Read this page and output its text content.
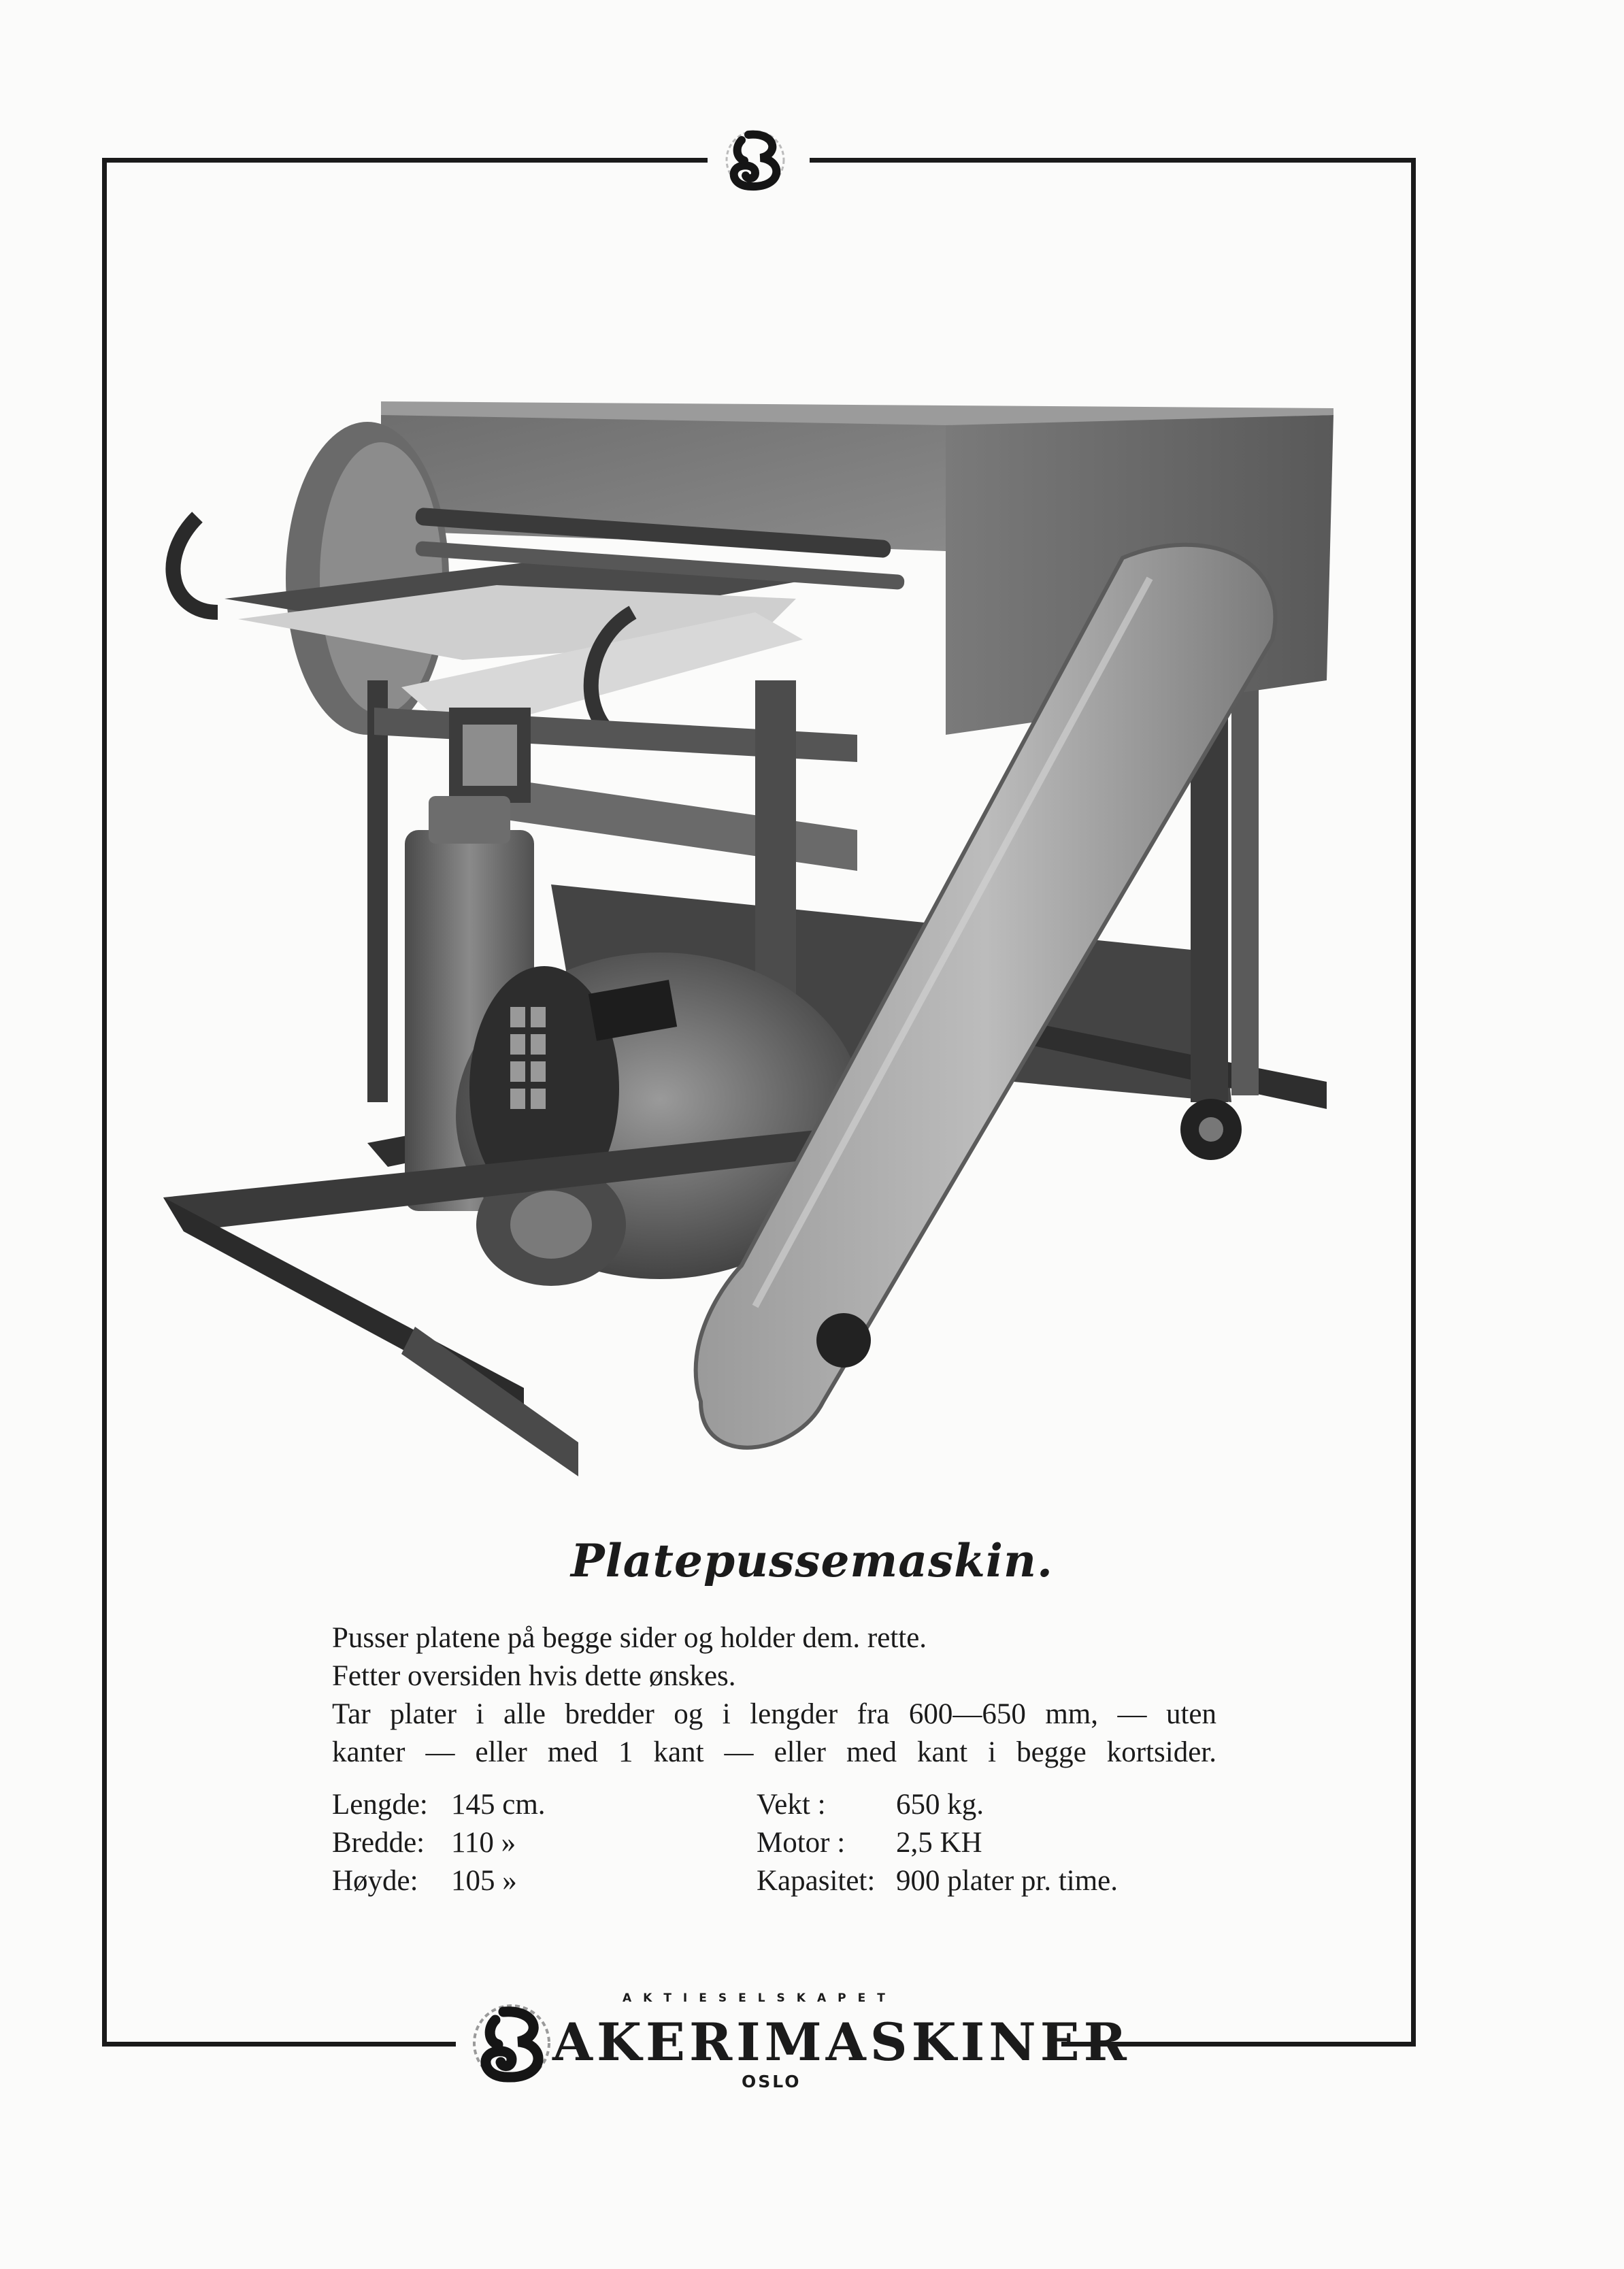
Platepussemaskin.
Pusser platene på begge sider og holder dem. rette.
Fetter oversiden hvis dette ønskes.
Tar plater i alle bredder og i lengder fra 600—650 mm, — uten
kanter — eller med 1 kant — eller med kant i begge kortsider.
Lengde: 145 cm.
Bredde: 110 »
Høyde: 105 »
Vekt : 650 kg.
Motor : 2,5 KH
Kapasitet: 900 plater pr. time.
AKTIESELSKAPET
AKERIMASKINER
OSLO
